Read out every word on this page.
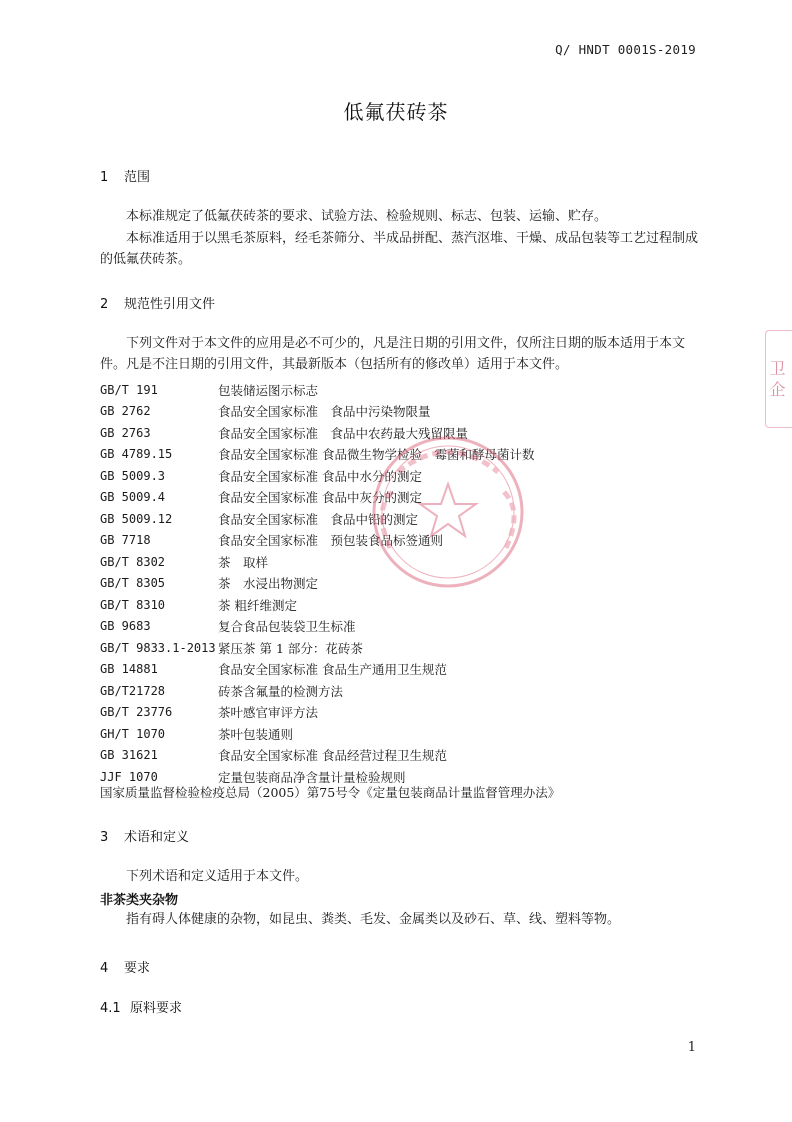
Q/ HNDT 0001S-2019
低氟茯砖茶
1 范围

本标准规定了低氟茯砖茶的要求、试验方法、检验规则、标志、包装、运输、贮存。

本标准适用于以黑毛茶原料，经毛茶筛分、半成品拼配、蒸汽沤堆、干燥、成品包装等工艺过程制成的低氟茯砖茶。

2 规范性引用文件

下列文件对于本文件的应用是必不可少的，凡是注日期的引用文件，仅所注日期的版本适用于本文件。凡是不注日期的引用文件，其最新版本（包括所有的修改单）适用于本文件。

GB/T 191	包装储运图示标志
GB 2762	食品安全国家标准　食品中污染物限量
GB 2763	食品安全国家标准　食品中农药最大残留限量
GB 4789.15	食品安全国家标准 食品微生物学检验　霉菌和酵母菌计数
GB 5009.3	食品安全国家标准 食品中水分的测定
GB 5009.4	食品安全国家标准 食品中灰分的测定
GB 5009.12	食品安全国家标准　食品中铅的测定
GB 7718	食品安全国家标准　预包装食品标签通则
GB/T 8302	茶　取样
GB/T 8305	茶　水浸出物测定
GB/T 8310	茶 粗纤维测定
GB 9683	复合食品包装袋卫生标准
GB/T 9833.1-2013 紧压茶 第 1 部分：花砖茶
GB 14881	食品安全国家标准 食品生产通用卫生规范
GB/T21728	砖茶含氟量的检测方法
GB/T 23776	茶叶感官审评方法
GH/T 1070	茶叶包装通则
GB 31621	食品安全国家标准 食品经营过程卫生规范
JJF 1070	定量包装商品净含量计量检验规则
国家质量监督检验检疫总局（2005）第75号令《定量包装商品计量监督管理办法》
3 术语和定义

下列术语和定义适用于本文件。

非茶类夹杂物

指有碍人体健康的杂物，如昆虫、粪类、毛发、金属类以及砂石、草、线、塑料等物。

4 要求
4.1 原料要求
1
卫 企
